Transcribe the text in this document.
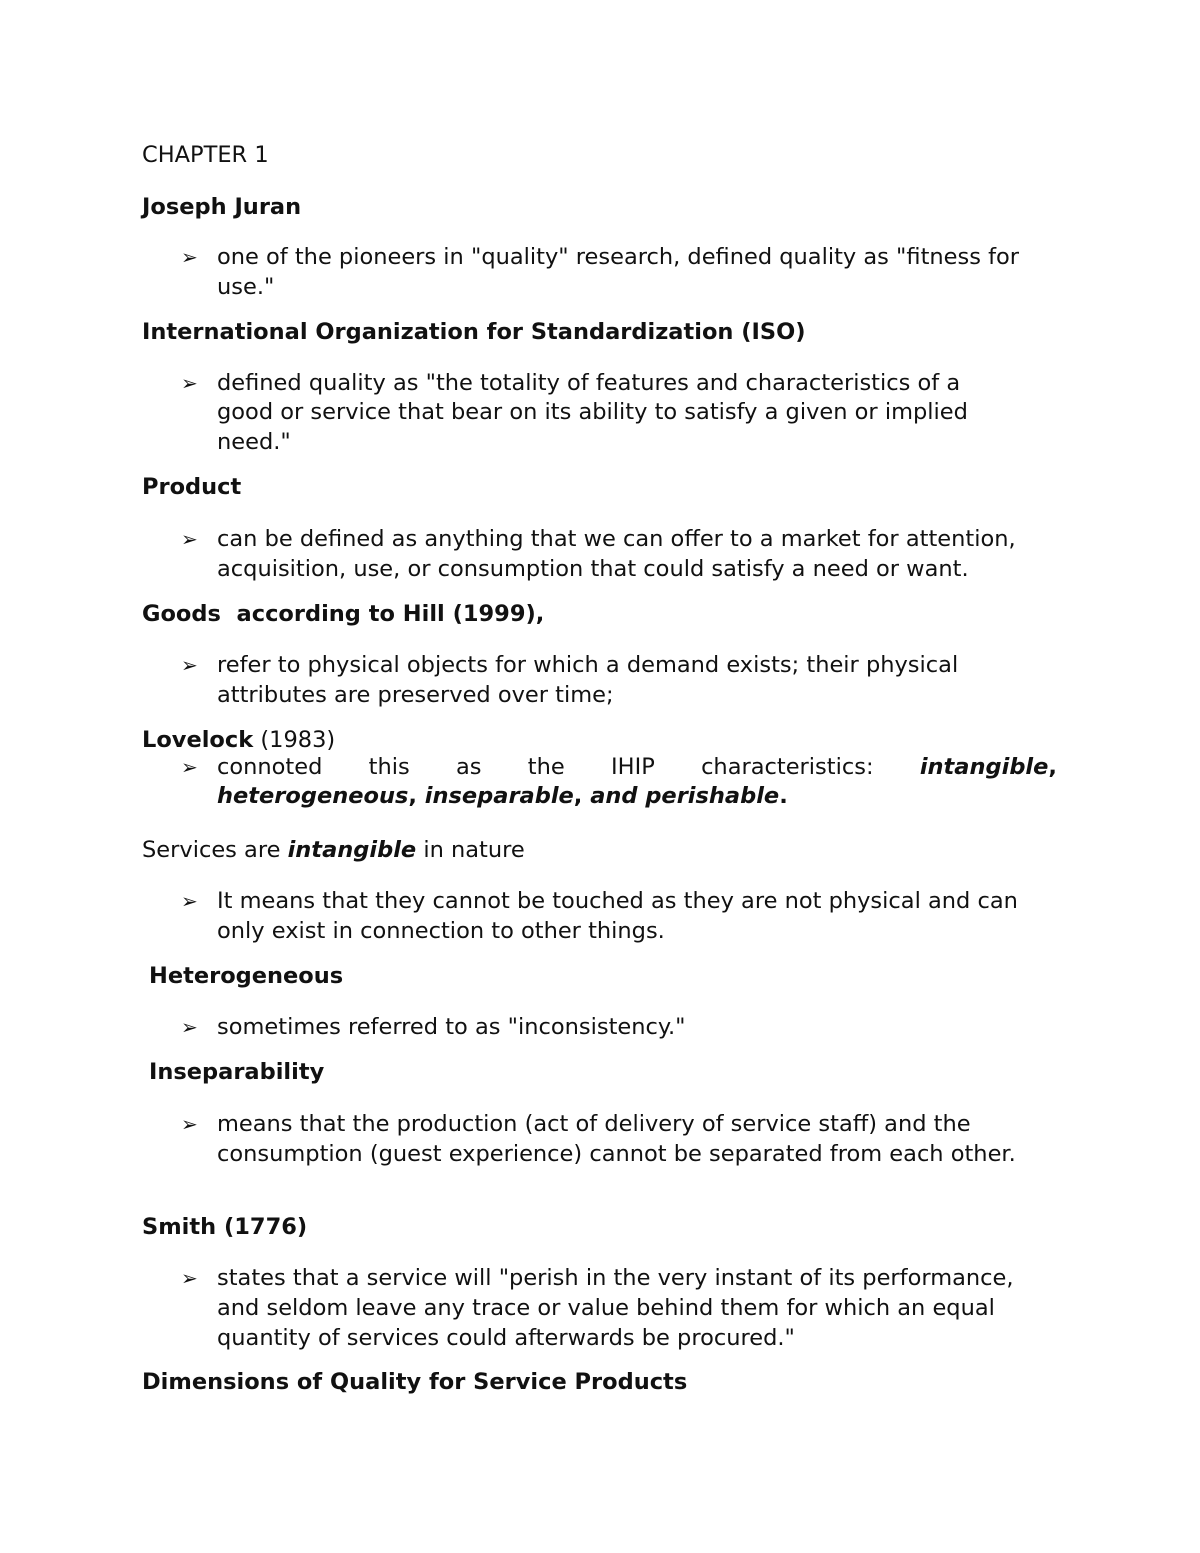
CHAPTER 1
Joseph Juran
➢ one of the pioneers in "quality" research, defined quality as "fitness for
use."
International Organization for Standardization (ISO)
➢ defined quality as "the totality of features and characteristics of a
good or service that bear on its ability to satisfy a given or implied
need."
Product
➢ can be defined as anything that we can offer to a market for attention,
acquisition, use, or consumption that could satisfy a need or want.
Goods  according to Hill (1999),
➢ refer to physical objects for which a demand exists; their physical
attributes are preserved over time;
Lovelock (1983)
➢ connoted this as the IHIP characteristics: intangible,
heterogeneous, inseparable, and perishable.
Services are intangible in nature
➢ It means that they cannot be touched as they are not physical and can
only exist in connection to other things.
Heterogeneous
➢ sometimes referred to as "inconsistency."
Inseparability
➢ means that the production (act of delivery of service staff) and the
consumption (guest experience) cannot be separated from each other.
Smith (1776)
➢ states that a service will "perish in the very instant of its performance,
and seldom leave any trace or value behind them for which an equal
quantity of services could afterwards be procured."
Dimensions of Quality for Service Products
